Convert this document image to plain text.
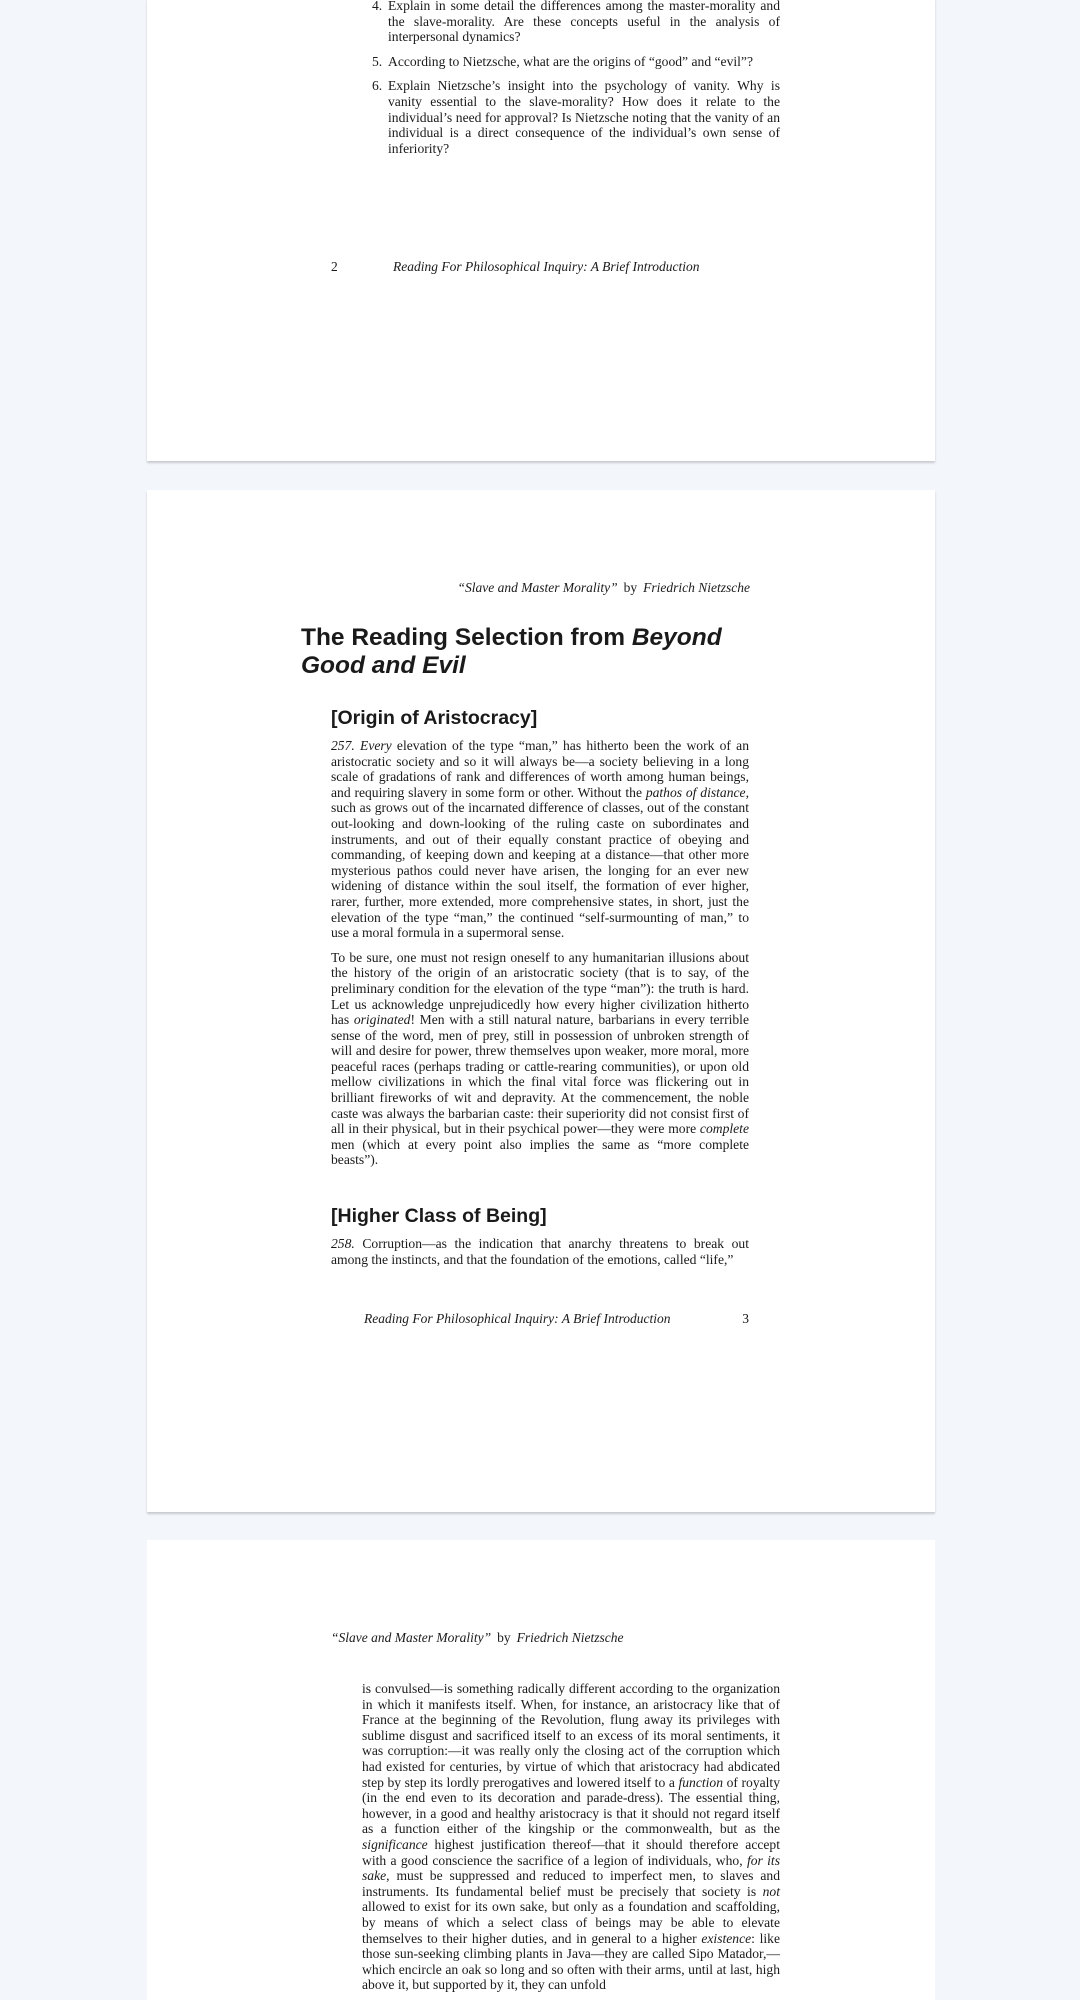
4. Explain in some detail the differences among the master-morality and the slave-morality. Are these concepts useful in the analysis of interpersonal dynamics?
5. According to Nietzsche, what are the origins of “good” and “evil”?
6. Explain Nietzsche’s insight into the psychology of vanity. Why is vanity essential to the slave-morality? How does it relate to the individual’s need for approval? Is Nietzsche noting that the vanity of an individual is a direct consequence of the individual’s own sense of inferiority?
2	Reading For Philosophical Inquiry: A Brief Introduction
“Slave and Master Morality” by Friedrich Nietzsche
The Reading Selection from Beyond Good and Evil
[Origin of Aristocracy]

257. Every elevation of the type “man,” has hitherto been the work of an aristocratic society and so it will always be—a society believing in a long scale of gradations of rank and differences of worth among human beings, and requiring slavery in some form or other. Without the pathos of distance, such as grows out of the incarnated difference of classes, out of the constant out-looking and down-looking of the ruling caste on subordinates and instruments, and out of their equally constant practice of obeying and commanding, of keeping down and keeping at a distance—that other more mysterious pathos could never have arisen, the longing for an ever new widening of distance within the soul itself, the formation of ever higher, rarer, further, more extended, more comprehensive states, in short, just the elevation of the type “man,” the continued “self-surmounting of man,” to use a moral formula in a supermoral sense.

To be sure, one must not resign oneself to any humanitarian illusions about the history of the origin of an aristocratic society (that is to say, of the preliminary condition for the elevation of the type “man”): the truth is hard. Let us acknowledge unprejudicedly how every higher civilization hitherto has originated! Men with a still natural nature, barbarians in every terrible sense of the word, men of prey, still in possession of unbroken strength of will and desire for power, threw themselves upon weaker, more moral, more peaceful races (perhaps trading or cattle-rearing communities), or upon old mellow civilizations in which the final vital force was flickering out in brilliant fireworks of wit and depravity. At the commencement, the noble caste was always the barbarian caste: their superiority did not consist first of all in their physical, but in their psychical power—they were more complete men (which at every point also implies the same as “more complete beasts”).

[Higher Class of Being]

258. Corruption—as the indication that anarchy threatens to break out among the instincts, and that the foundation of the emotions, called “life,”

Reading For Philosophical Inquiry: A Brief Introduction	3
“Slave and Master Morality” by Friedrich Nietzsche

is convulsed—is something radically different according to the organization in which it manifests itself. When, for instance, an aristocracy like that of France at the beginning of the Revolution, flung away its privileges with sublime disgust and sacrificed itself to an excess of its moral sentiments, it was corruption:—it was really only the closing act of the corruption which had existed for centuries, by virtue of which that aristocracy had abdicated step by step its lordly prerogatives and lowered itself to a function of royalty (in the end even to its decoration and parade-dress). The essential thing, however, in a good and healthy aristocracy is that it should not regard itself as a function either of the kingship or the commonwealth, but as the significance highest justification thereof—that it should therefore accept with a good conscience the sacrifice of a legion of individuals, who, for its sake, must be suppressed and reduced to imperfect men, to slaves and instruments. Its fundamental belief must be precisely that society is not allowed to exist for its own sake, but only as a foundation and scaffolding, by means of which a select class of beings may be able to elevate themselves to their higher duties, and in general to a higher existence: like those sun-seeking climbing plants in Java—they are called Sipo Matador,—which encircle an oak so long and so often with their arms, until at last, high above it, but supported by it, they can unfold
